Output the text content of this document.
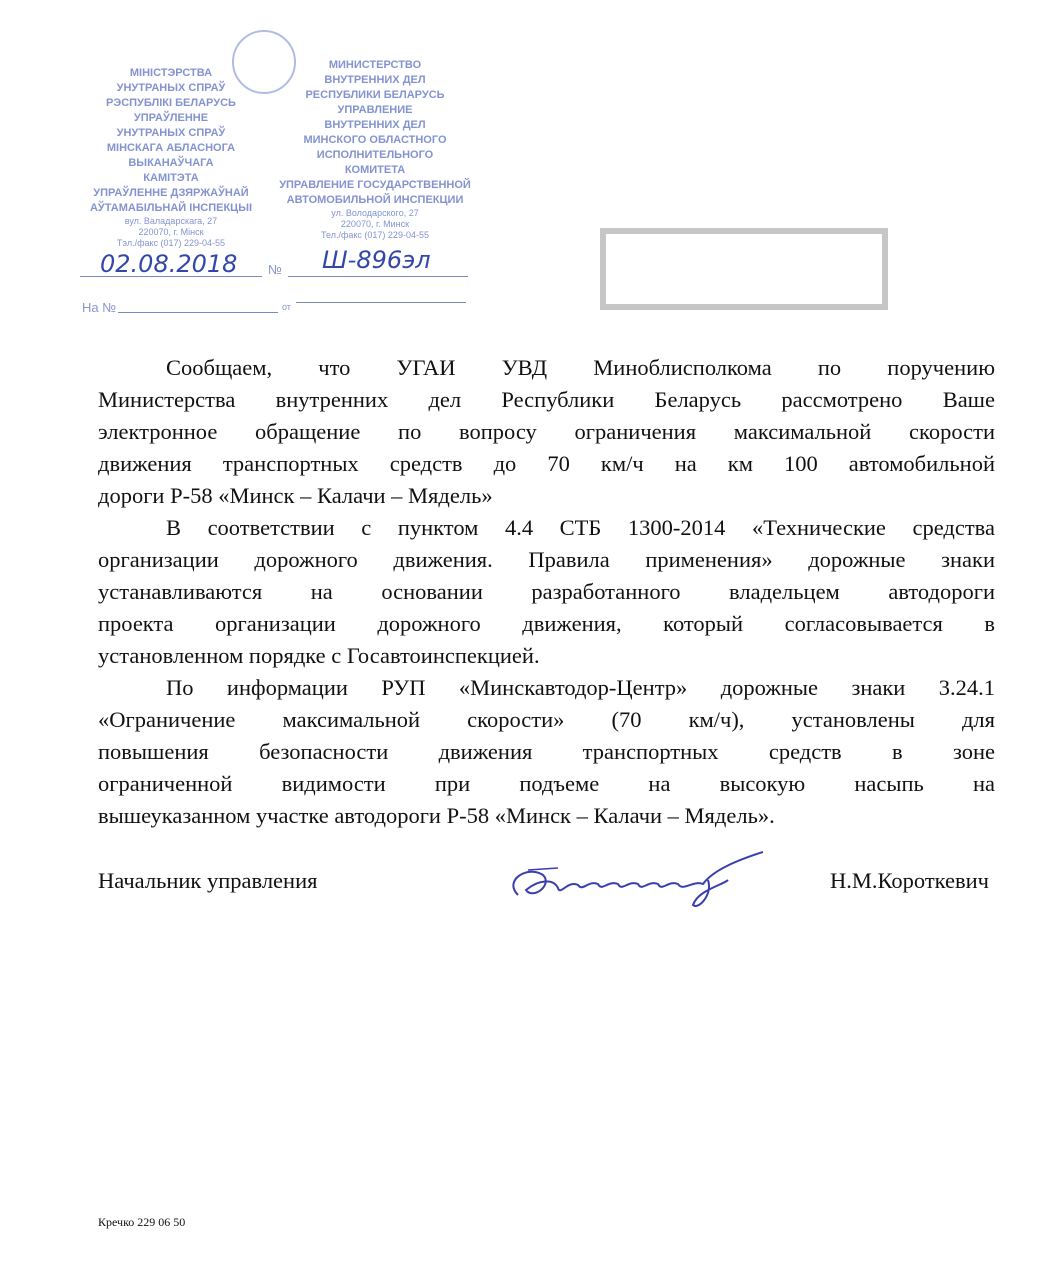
МІНІСТЭРСТВА
УНУТРАНЫХ СПРАЎ
РЭСПУБЛІКІ БЕЛАРУСЬ
УПРАЎЛЕННЕ
УНУТРАНЫХ СПРАЎ
МІНСКАГА АБЛАСНОГА
ВЫКАНАЎЧАГА
КАМІТЭТА
УПРАЎЛЕННЕ ДЗЯРЖАЎНАЙ
АЎТАМАБІЛЬНАЙ ІНСПЕКЦЫІ
вул. Валадарскага, 27
220070, г. Мінск
Тэл./факс (017) 229-04-55
МИНИСТЕРСТВО
ВНУТРЕННИХ ДЕЛ
РЕСПУБЛИКИ БЕЛАРУСЬ
УПРАВЛЕНИЕ
ВНУТРЕННИХ ДЕЛ
МИНСКОГО ОБЛАСТНОГО
ИСПОЛНИТЕЛЬНОГО
КОМИТЕТА
УПРАВЛЕНИЕ ГОСУДАРСТВЕННОЙ
АВТОМОБИЛЬНОЙ ИНСПЕКЦИИ
ул. Володарского, 27
220070, г. Минск
Тел./факс (017) 229-04-55
02.08.2018 № Ш-896эл
На №	от
Сообщаем, что УГАИ УВД Миноблисполкома по поручению
Министерства внутренних дел Республики Беларусь рассмотрено Ваше
электронное обращение по вопросу ограничения максимальной скорости
движения транспортных средств до 70 км/ч на км 100 автомобильной
дороги Р-58 «Минск – Калачи – Мядель»
В соответствии с пунктом 4.4 СТБ 1300-2014 «Технические средства
организации дорожного движения. Правила применения» дорожные знаки
устанавливаются на основании разработанного владельцем автодороги
проекта организации дорожного движения, который согласовывается в
установленном порядке с Госавтоинспекцией.
По информации РУП «Минскавтодор-Центр» дорожные знаки 3.24.1
«Ограничение максимальной скорости» (70 км/ч), установлены для
повышения безопасности движения транспортных средств в зоне
ограниченной видимости при подъеме на высокую насыпь на
вышеуказанном участке автодороги Р-58 «Минск – Калачи – Мядель».
Начальник управления	Н.М.Короткевич
Кречко 229 06 50
